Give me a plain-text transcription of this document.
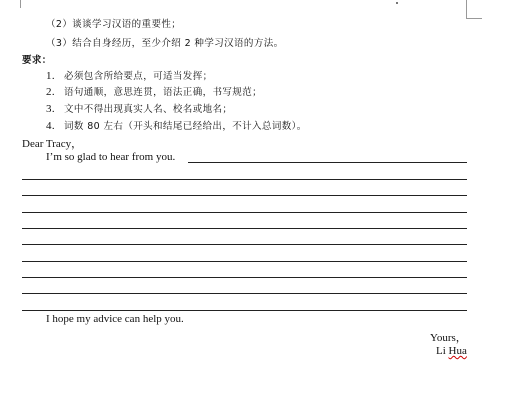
（2）谈谈学习汉语的重要性；
（3）结合自身经历，至少介绍 2 种学习汉语的方法。
要求：
1. 必须包含所给要点，可适当发挥；
2. 语句通顺，意思连贯，语法正确，书写规范；
3. 文中不得出现真实人名、校名或地名；
4. 词数 80 左右（开头和结尾已经给出，不计入总词数）。
Dear Tracy，
I’m so glad to hear from you.
I hope my advice can help you.
Yours，
Li Hua
